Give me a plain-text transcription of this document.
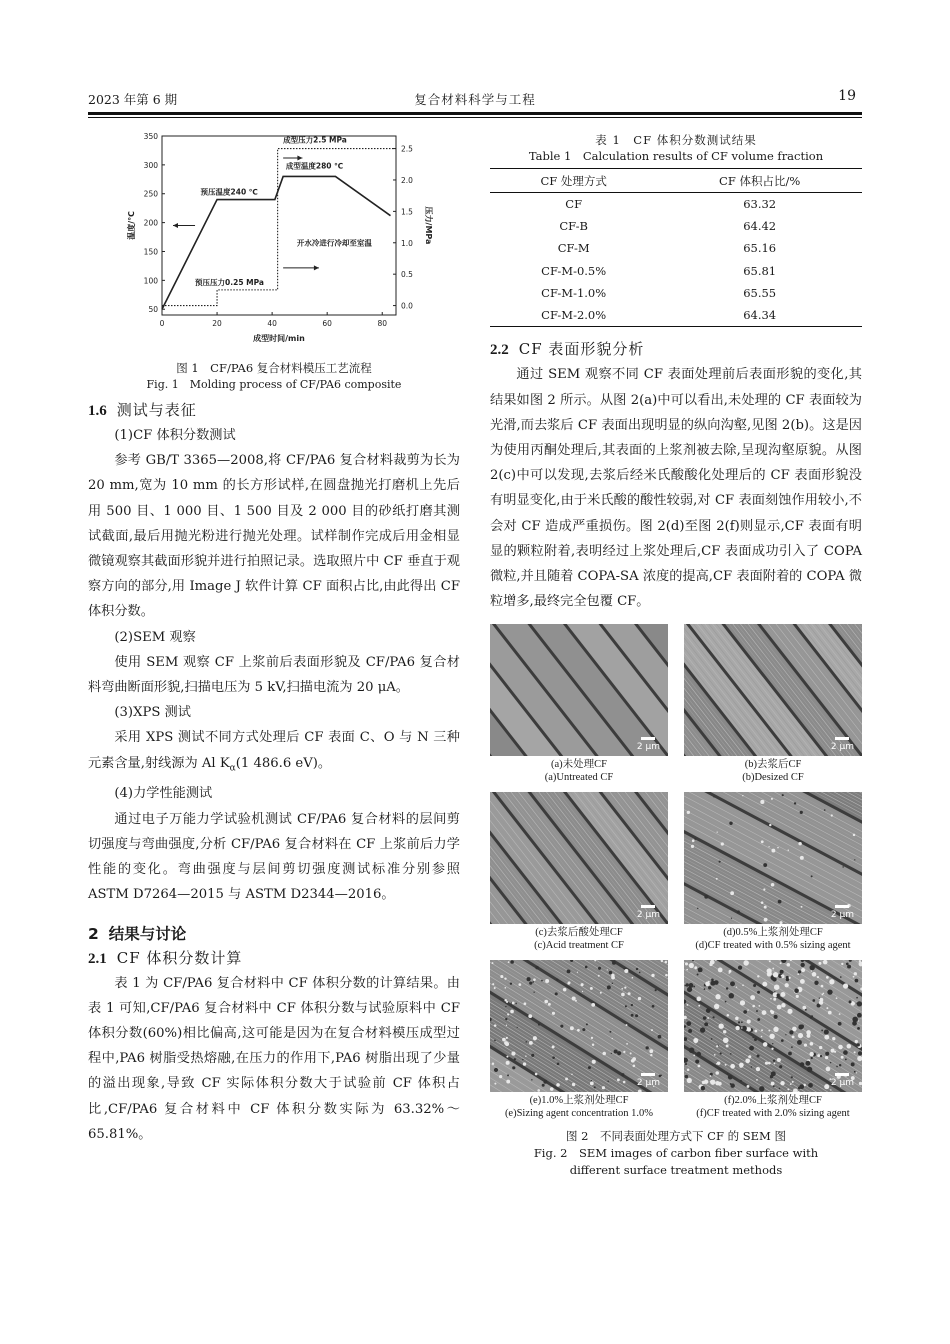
2023 年第 6 期	复合材料科学与工程	19
0	20	40	60	80
50
100
150
200
250
300
350
0.0
0.5
1.0
1.5
2.0
2.5
成型时间/min
温度/℃	压力/MPa
成型压力2.5 MPa
成型温度280 ℃
预压温度240 ℃
预压压力0.25 MPa
开水冷进行冷却至室温
图 1　CF/PA6 复合材料模压工艺流程
Fig. 1　Molding process of CF/PA6 composite
1.6 测试与表征
(1)CF 体积分数测试
参考 GB/T 3365—2008,将 CF/PA6 复合材料裁剪为长为 20 mm,宽为 10 mm 的长方形试样,在圆盘抛光打磨机上先后用 500 目、1 000 目、1 500 目及 2 000 目的砂纸打磨其测试截面,最后用抛光粉进行抛光处理。试样制作完成后用金相显微镜观察其截面形貌并进行拍照记录。选取照片中 CF 垂直于观察方向的部分,用 Image J 软件计算 CF 面积占比,由此得出 CF 体积分数。
(2)SEM 观察
使用 SEM 观察 CF 上浆前后表面形貌及 CF/PA6 复合材料弯曲断面形貌,扫描电压为 5 kV,扫描电流为 20 μA。
(3)XPS 测试
采用 XPS 测试不同方式处理后 CF 表面 C、O 与 N 三种元素含量,射线源为 Al $K_\alpha(1$ 486.6 eV)。
(4)力学性能测试
通过电子万能力学试验机测试 CF/PA6 复合材料的层间剪切强度与弯曲强度,分析 CF/PA6 复合材料在 CF 上浆前后力学性能的变化。弯曲强度与层间剪切强度测试标准分别参照 ASTM D7264—2015 与 ASTM D2344—2016。
2 结果与讨论
2.1 CF 体积分数计算
表 1 为 CF/PA6 复合材料中 CF 体积分数的计算结果。由表 1 可知,CF/PA6 复合材料中 CF 体积分数与试验原料中 CF 体积分数(60%)相比偏高,这可能是因为在复合材料模压成型过程中,PA6 树脂受热熔融,在压力的作用下,PA6 树脂出现了少量的溢出现象,导致 CF 实际体积分数大于试验前 CF 体积占比,CF/PA6 复合材料中 CF 体积分数实际为 63.32%～65.81%。
表 1　CF 体积分数测试结果
Table 1　Calculation results of CF volume fraction
CF 处理方式	CF 体积占比/%
CF	63.32
CF-B	64.42
CF-M	65.16
CF-M-0.5%	65.81
CF-M-1.0%	65.55
CF-M-2.0%	64.34
2.2 CF 表面形貌分析
通过 SEM 观察不同 CF 表面处理前后表面形貌的变化,其结果如图 2 所示。从图 2(a)中可以看出,未处理的 CF 表面较为光滑,而去浆后 CF 表面出现明显的纵向沟壑,见图 2(b)。这是因为使用丙酮处理后,其表面的上浆剂被去除,呈现沟壑原貌。从图 2(c)中可以发现,去浆后经米氏酸酸化处理后的 CF 表面形貌没有明显变化,由于米氏酸的酸性较弱,对 CF 表面刻蚀作用较小,不会对 CF 造成严重损伤。图 2(d)至图 2(f)则显示,CF 表面有明显的颗粒附着,表明经过上浆处理后,CF 表面成功引入了 COPA 微粒,并且随着 COPA-SA 浓度的提高,CF 表面附着的 COPA 微粒增多,最终完全包覆 CF。
2 μm
(a)未处理CF
(a)Untreated CF
2 μm
(b)去浆后CF
(b)Desized CF
2 μm
(c)去浆后酸处理CF
(c)Acid treatment CF
2 μm
(d)0.5%上浆剂处理CF
(d)CF treated with 0.5% sizing agent
2 μm
(e)1.0%上浆剂处理CF
(e)Sizing agent concentration 1.0%
2 μm
(f)2.0%上浆剂处理CF
(f)CF treated with 2.0% sizing agent
图 2　不同表面处理方式下 CF 的 SEM 图
Fig. 2　SEM images of carbon fiber surface with
different surface treatment methods
